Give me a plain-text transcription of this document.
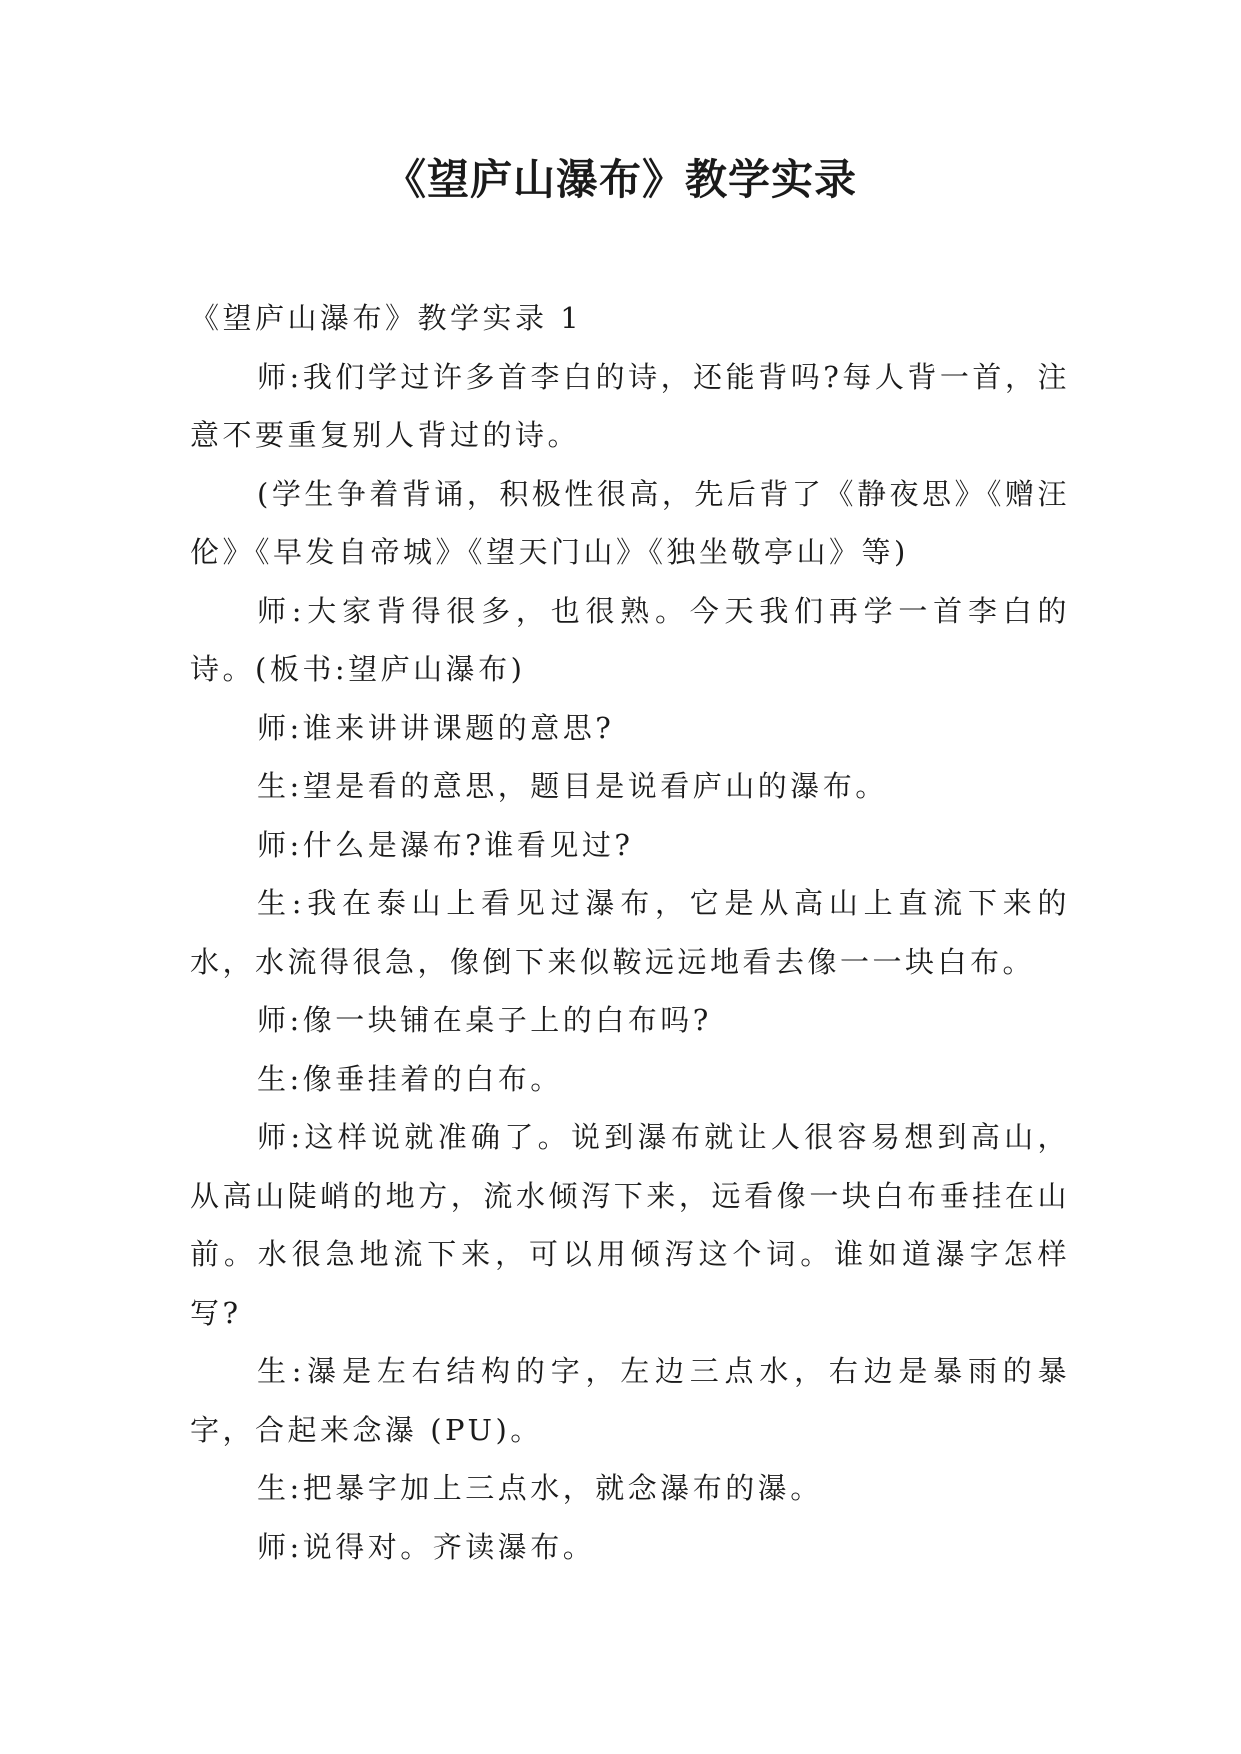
《望庐山瀑布》教学实录

《望庐山瀑布》教学实录 1

师:我们学过许多首李白的诗，还能背吗?每人背一首，注意不要重复别人背过的诗。

(学生争着背诵，积极性很高，先后背了《静夜思》《赠汪伦》《早发自帝城》《望天门山》《独坐敬亭山》等)

师:大家背得很多，也很熟。今天我们再学一首李白的诗。(板书:望庐山瀑布)

师:谁来讲讲课题的意思?

生:望是看的意思，题目是说看庐山的瀑布。

师:什么是瀑布?谁看见过?

生:我在泰山上看见过瀑布，它是从高山上直流下来的水，水流得很急，像倒下来似鞍远远地看去像一一块白布。

师:像一块铺在桌子上的白布吗?

生:像垂挂着的白布。

师:这样说就准确了。说到瀑布就让人很容易想到高山，从高山陡峭的地方，流水倾泻下来，远看像一块白布垂挂在山前。水很急地流下来，可以用倾泻这个词。谁如道瀑字怎样写?

生:瀑是左右结构的字，左边三点水，右边是暴雨的暴字，合起来念瀑 (PU)。

生:把暴字加上三点水，就念瀑布的瀑。

师:说得对。齐读瀑布。
